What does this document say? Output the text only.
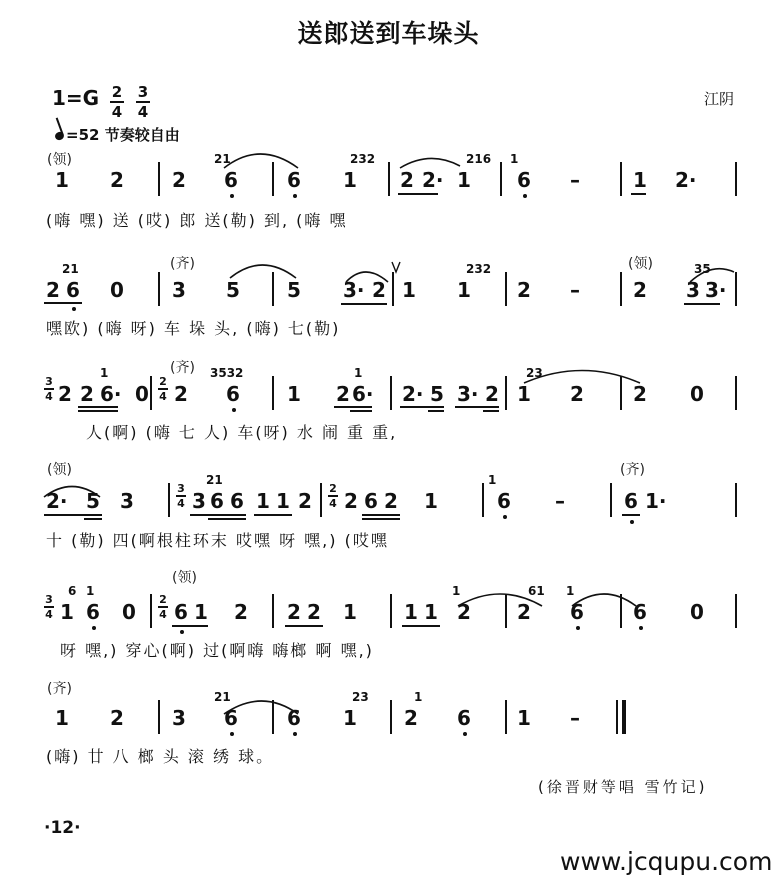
送郎送到车垛头
1=G 2
4
3
4
江阴
=52 节奏较自由
(领)
1 2 2
21
6 6
232
1 2 2·
216
1
1
6 –	1 2·
(嗨 嘿) 送 (哎) 郎 送(勒) 到, (嗨 嘿
21
2 6 0
(齐)
3 5 5 3· 2 1
232
1 2 –
(领)
2
35
3 3·
嘿欧) (嗨 呀) 车 垛 头, (嗨) 七(勒)
3
4 2 2
1
6· 0
(齐)
2
4 2
3532
6 1 2
1
6· 2· 5 3· 2
23
1 2 2 0
人(啊) (嗨 七 人) 车(呀) 水 闹 重 重,
(领)
2· 5 3
3
4
21
3 6 6 1 1 2
2
4 2 6 2 1
1
6 –
(齐)
6 1·
十 (勒) 四(啊根柱环末 哎嘿 呀 嘿,) (哎嘿
3
4
6 1
1 6 0
(领)
2
4 6 1 2 2 2 1 1 1
1
2
61
2
1
6 6 0
呀 嘿,) 穿心(啊) 过(啊嗨 嗨榔 啊 嘿,)
(齐)
1 2 3
21
6 6
23
1
1
2 6 1 –
(嗨) 廿 八 榔 头 滚 绣 球。
(徐晋财等唱 雪竹记)
·12·
www.jcqupu.com
